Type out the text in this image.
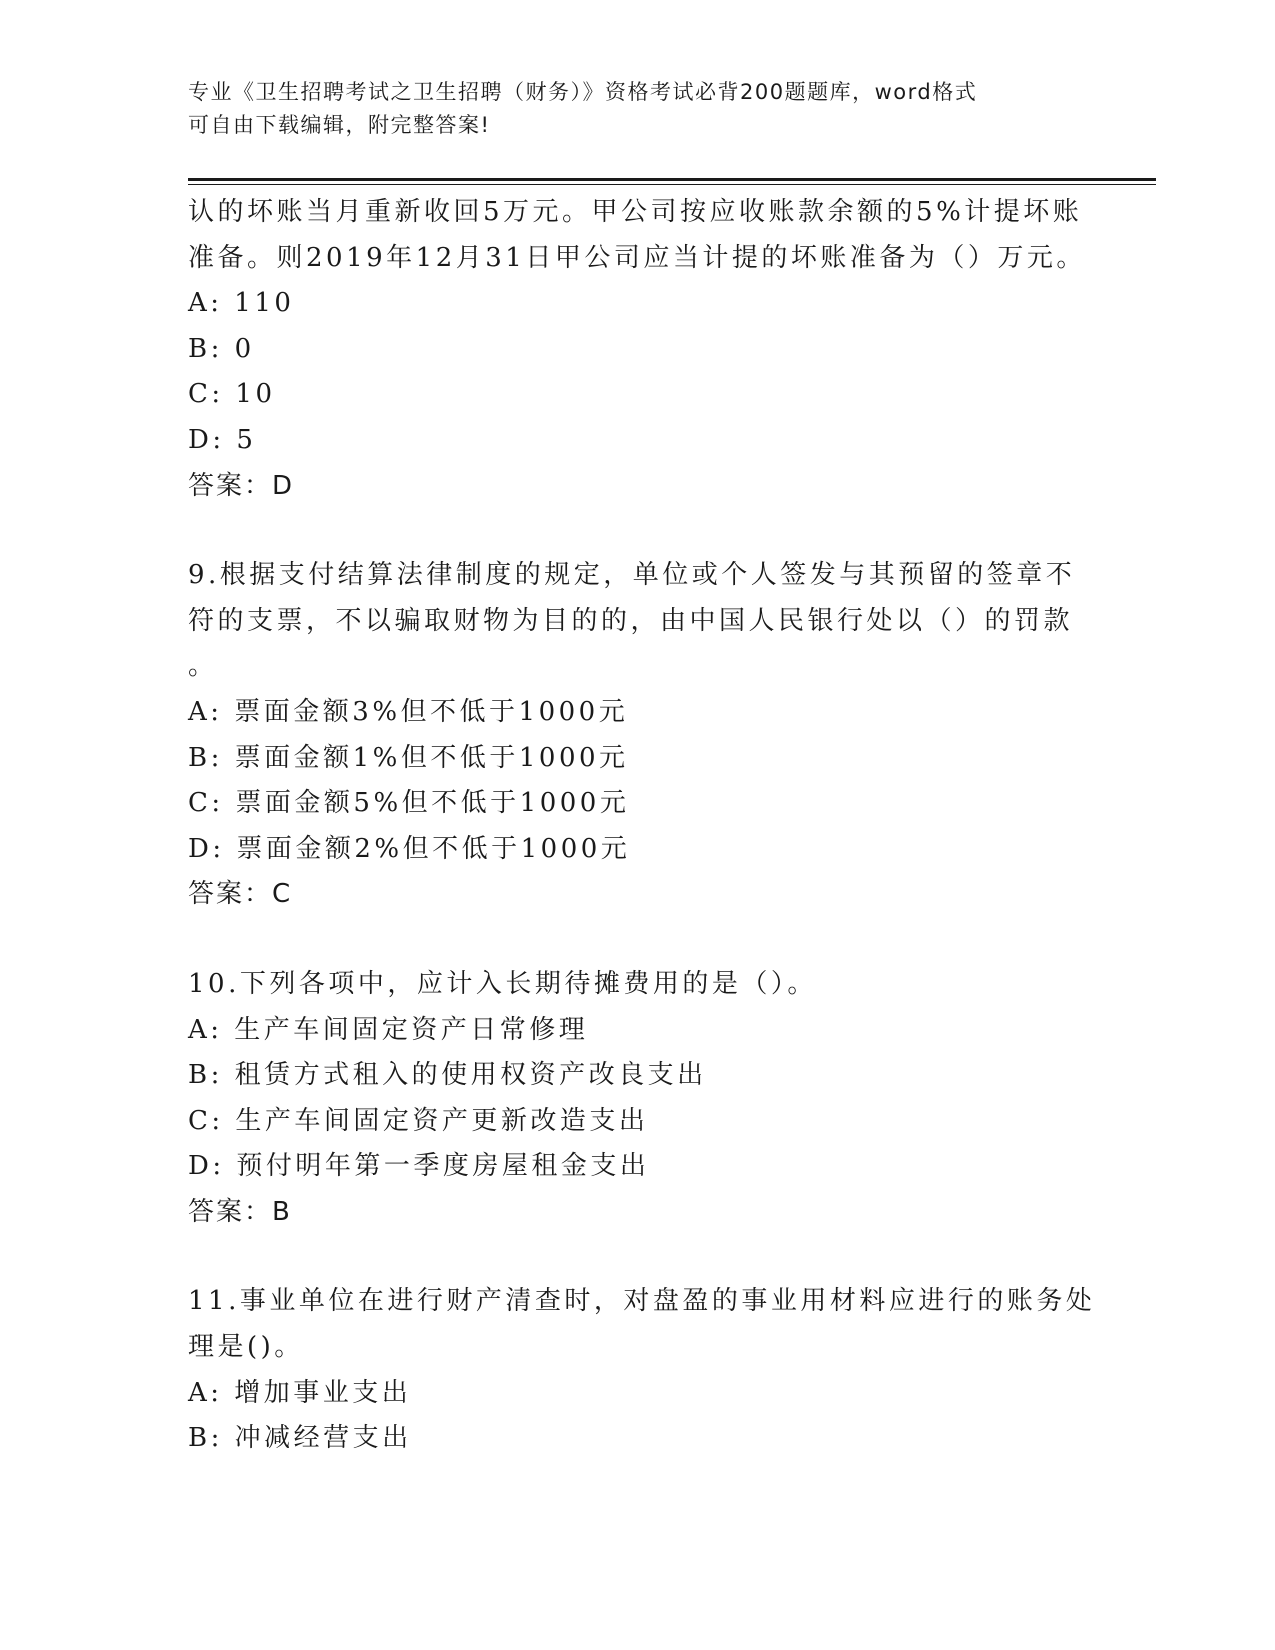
专业《卫生招聘考试之卫生招聘（财务）》资格考试必背200题题库，word格式
可自由下载编辑，附完整答案!
认的坏账当月重新收回5万元。甲公司按应收账款余额的5%计提坏账
准备。则2019年12月31日甲公司应当计提的坏账准备为（）万元。
A: 110
B: 0
C: 10
D: 5
答案：D
9.根据支付结算法律制度的规定，单位或个人签发与其预留的签章不
符的支票，不以骗取财物为目的的，由中国人民银行处以（）的罚款
。
A: 票面金额3%但不低于1000元
B: 票面金额1%但不低于1000元
C: 票面金额5%但不低于1000元
D: 票面金额2%但不低于1000元
答案：C
10.下列各项中，应计入长期待摊费用的是（）。
A: 生产车间固定资产日常修理
B: 租赁方式租入的使用权资产改良支出
C: 生产车间固定资产更新改造支出
D: 预付明年第一季度房屋租金支出
答案：B
11.事业单位在进行财产清查时，对盘盈的事业用材料应进行的账务处
理是()。
A: 增加事业支出
B: 冲减经营支出
